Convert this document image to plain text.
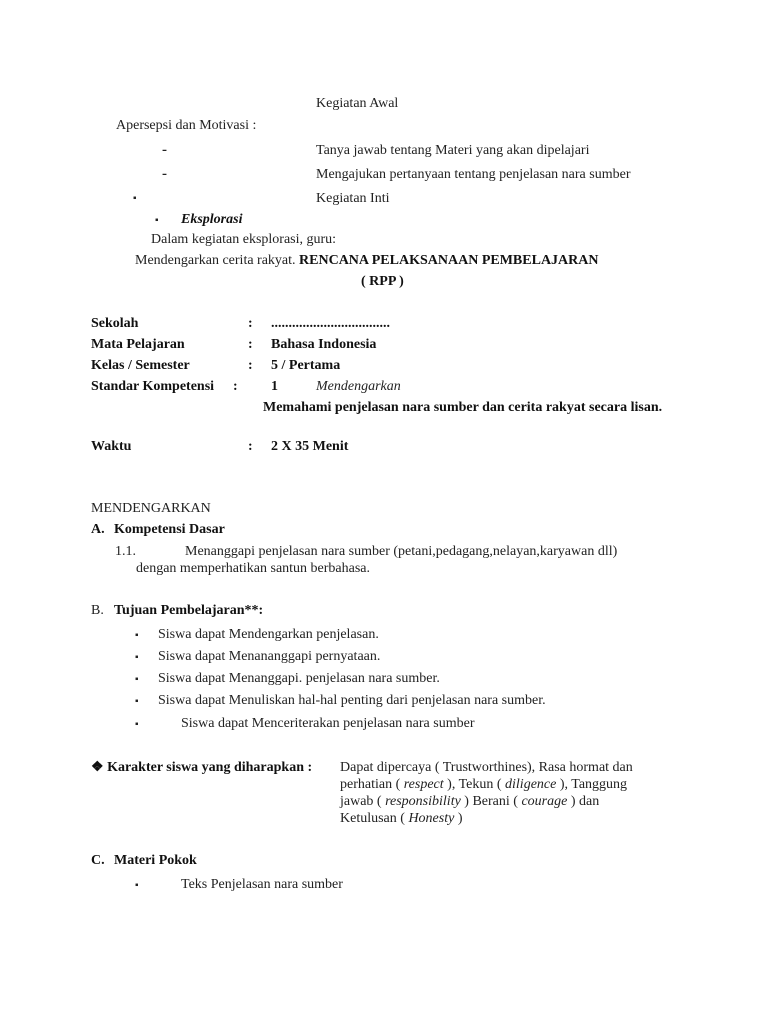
Kegiatan Awal
Apersepsi dan Motivasi :
-	Tanya jawab tentang Materi yang akan dipelajari
-	Mengajukan pertanyaan tentang penjelasan nara sumber
▪	Kegiatan Inti
▪ Eksplorasi
Dalam kegiatan eksplorasi, guru:
Mendengarkan cerita rakyat. RENCANA PELAKSANAAN PEMBELAJARAN
( RPP )
Sekolah	: ..................................
Mata Pelajaran	: Bahasa Indonesia
Kelas / Semester	: 5 / Pertama
Standar Kompetensi : 1	Mendengarkan
Memahami penjelasan nara sumber dan cerita rakyat secara lisan.
Waktu	: 2 X 35 Menit
MENDENGARKAN
A. Kompetensi Dasar
1.1.	Menanggapi penjelasan nara sumber (petani,pedagang,nelayan,karyawan dll)
dengan memperhatikan santun berbahasa.
B. Tujuan Pembelajaran**:
▪ Siswa dapat Mendengarkan penjelasan.
▪ Siswa dapat Menananggapi pernyataan.
▪ Siswa dapat Menanggapi. penjelasan nara sumber.
▪ Siswa dapat Menuliskan hal-hal penting dari penjelasan nara sumber.
▪	Siswa dapat Menceriterakan penjelasan nara sumber
❖ Karakter siswa yang diharapkan : Dapat dipercaya ( Trustworthines), Rasa hormat dan
perhatian ( respect ), Tekun ( diligence ), Tanggung
jawab ( responsibility ) Berani ( courage ) dan
Ketulusan ( Honesty )
C. Materi Pokok
▪	Teks Penjelasan nara sumber
